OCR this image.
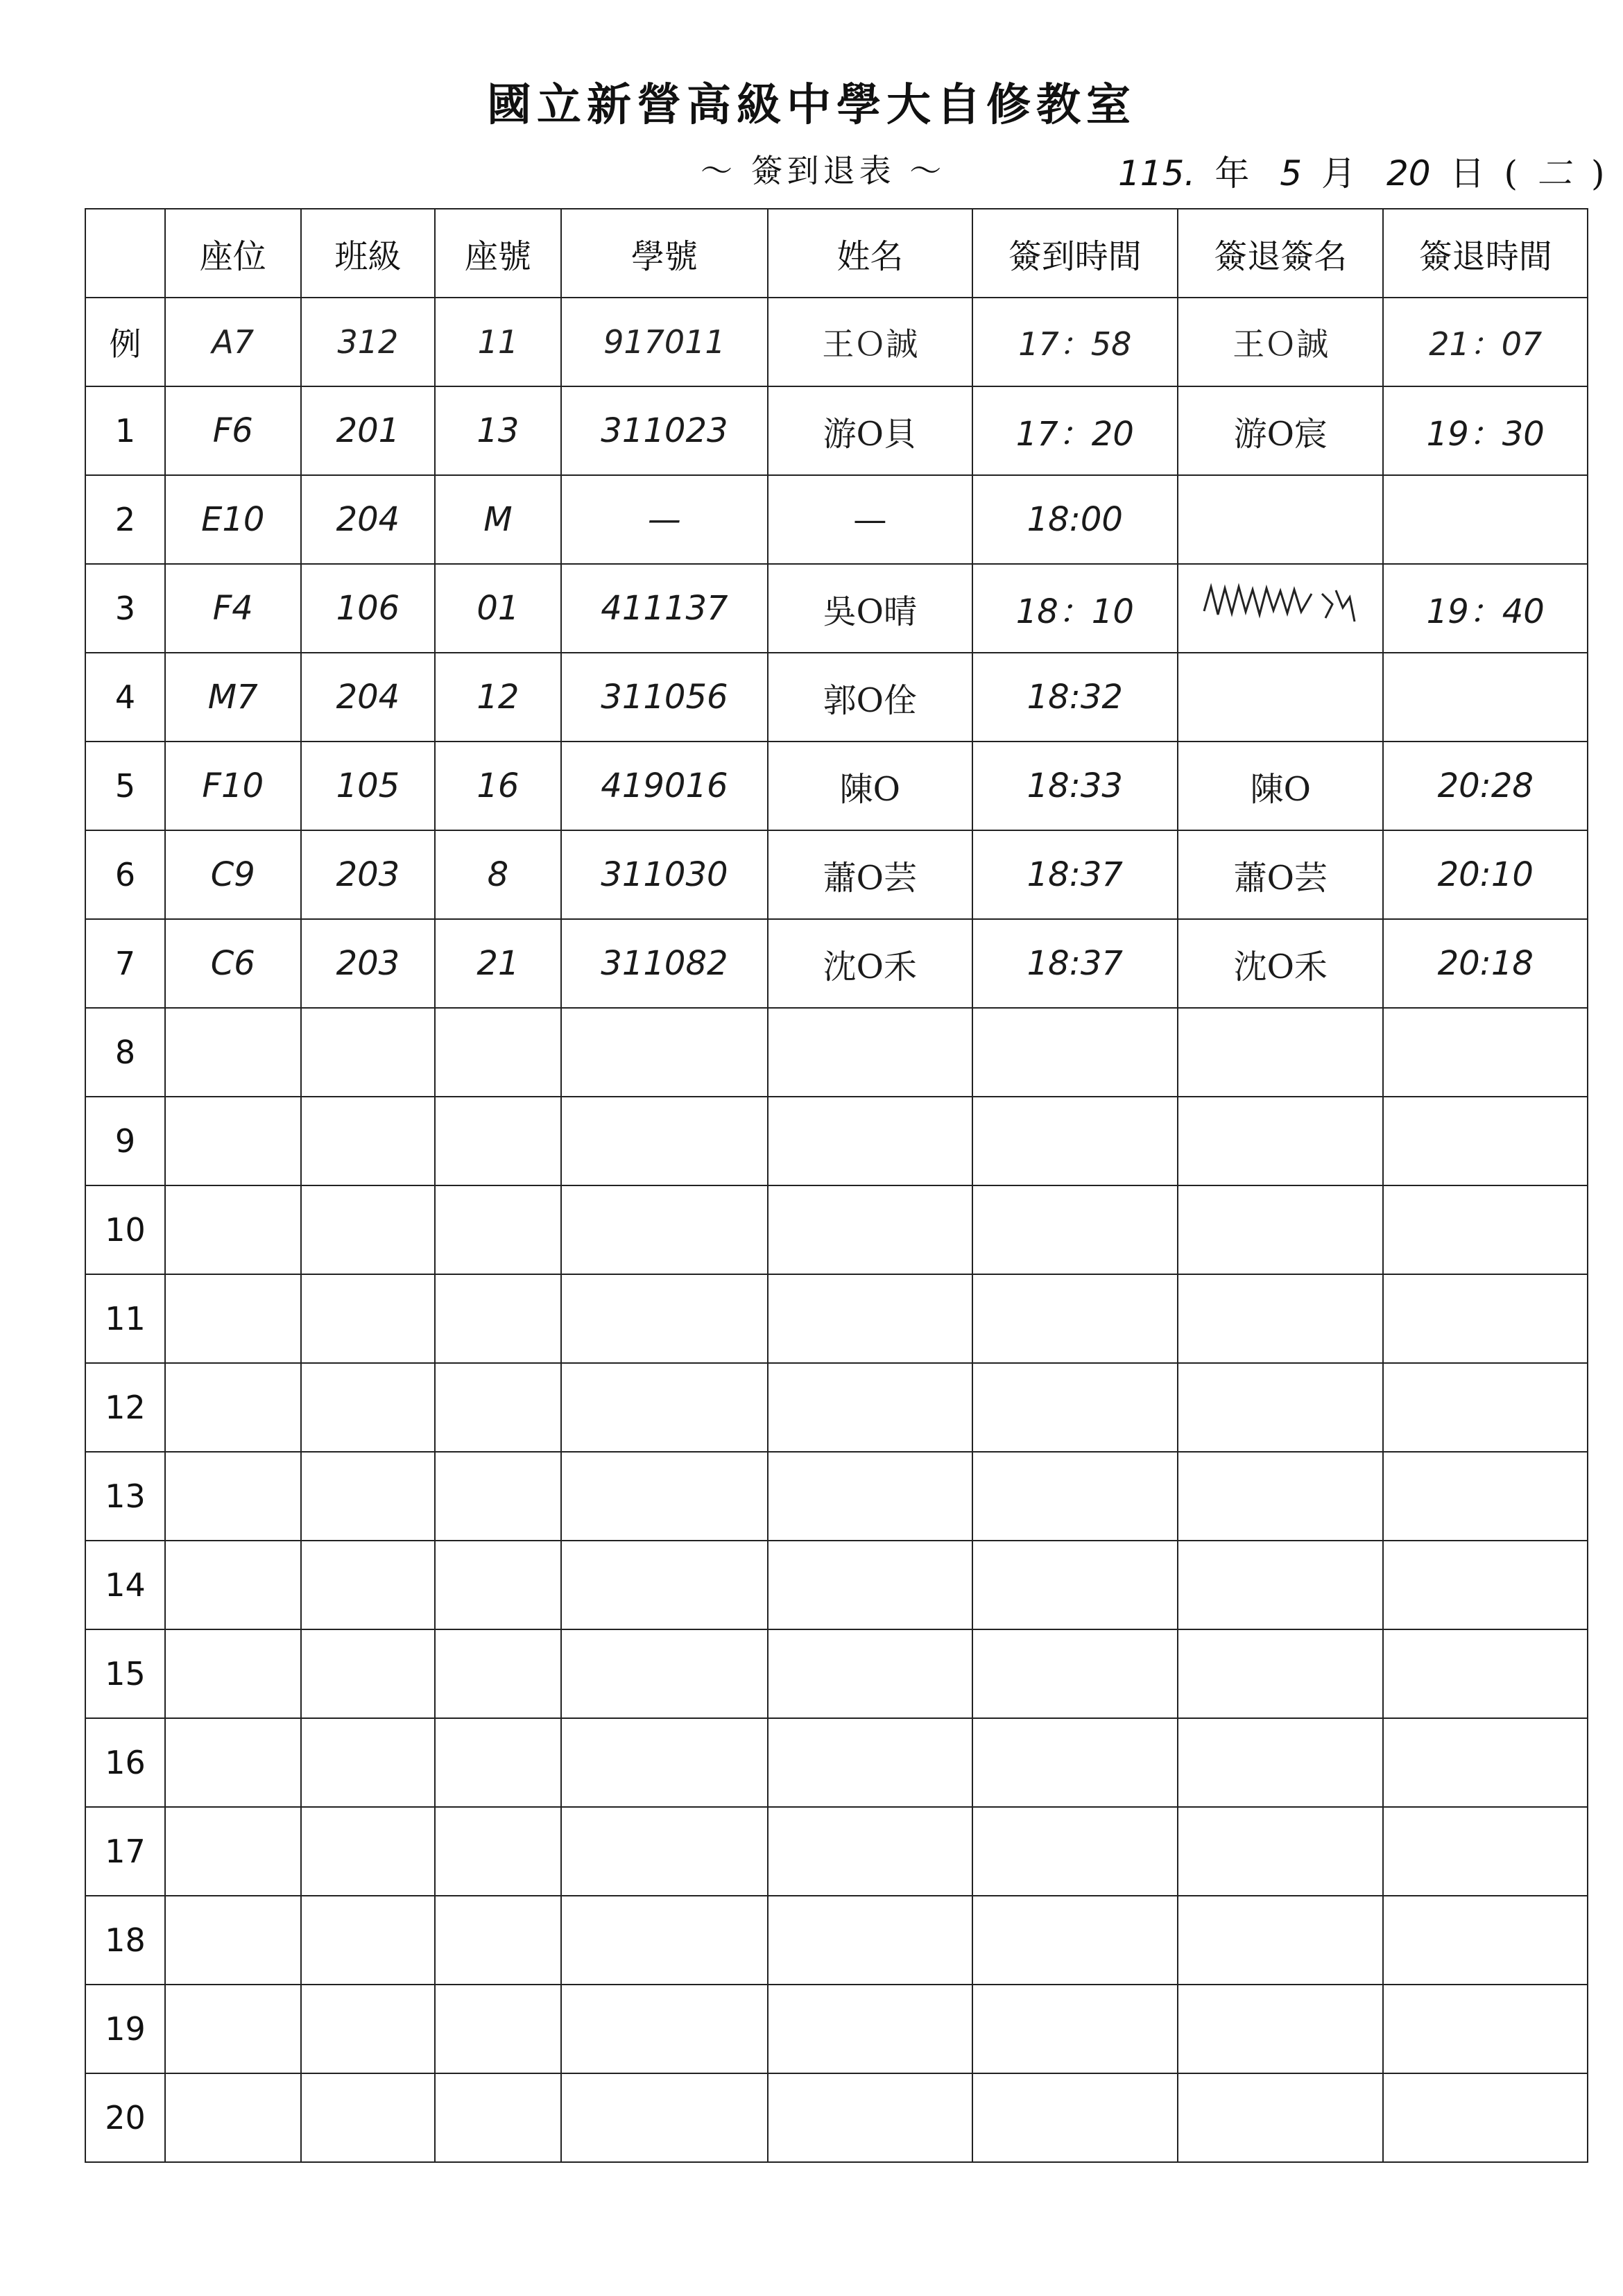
國立新營高級中學大自修教室
～ 簽到退表 ～	115. 年 5 月 20 日 ( 二 )
	座位	班級	座號	學號	姓名	簽到時間	簽退簽名	簽退時間
例	A7	312	11	917011	王Ｏ誠	17：58	王Ｏ誠	21：07
1	F6	201	13	311023	游O貝	17：20	游O宸	19：30
2	E10	204	M	—	—	18:00		
3	F4	106	01	411137	吳O晴	18：10		19：40
4	M7	204	12	311056	郭O佺	18:32		
5	F10	105	16	419016	陳O	18:33	陳O	20:28
6	C9	203	8	311030	蕭O芸	18:37	蕭O芸	20:10
7	C6	203	21	311082	沈O禾	18:37	沈O禾	20:18
8								
9								
10								
11								
12								
13								
14								
15								
16								
17								
18								
19								
20								
